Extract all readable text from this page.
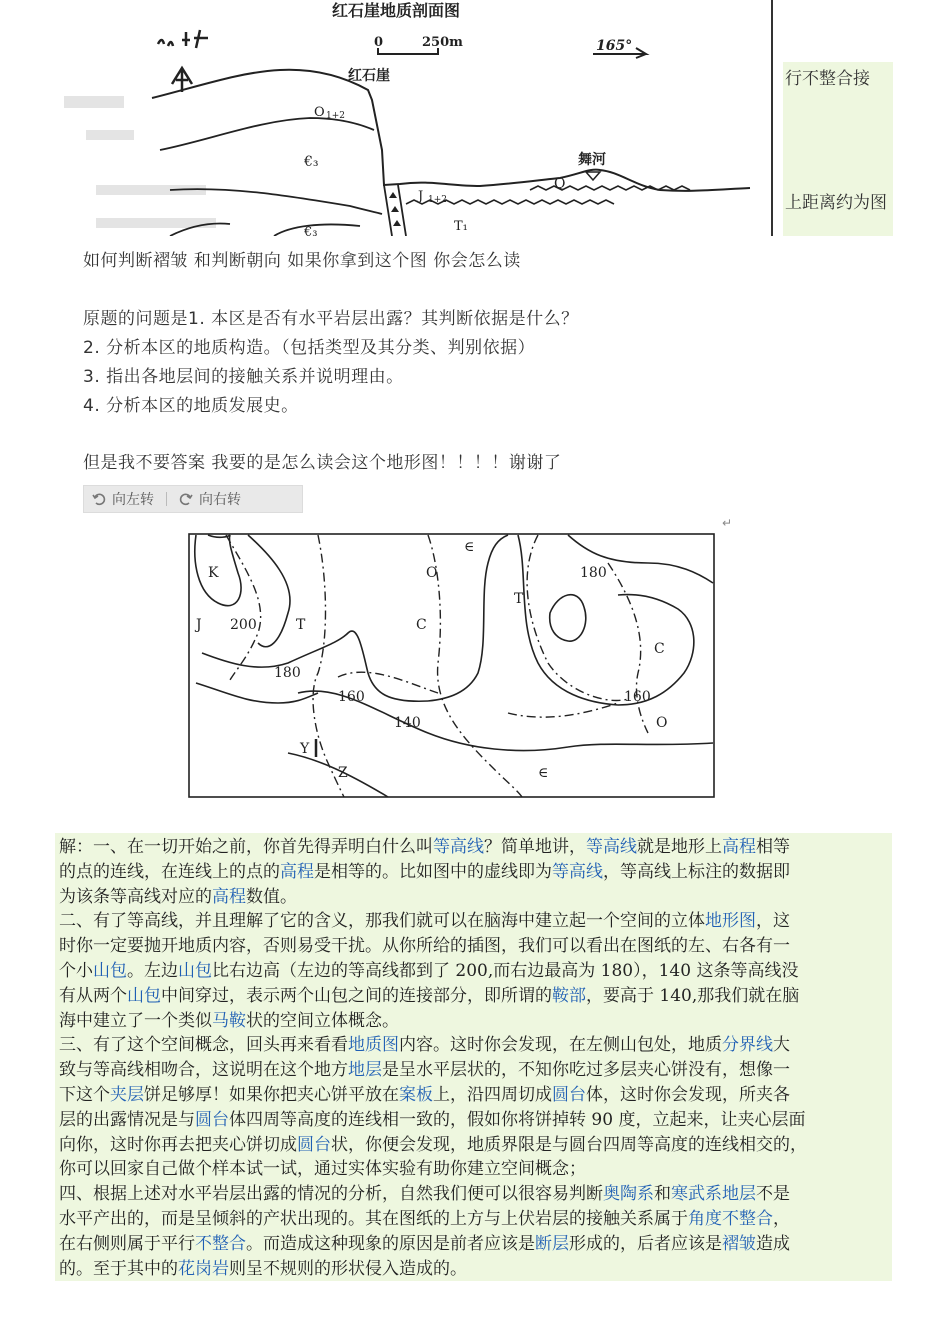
红石崖地质剖面图
0	250m	165°
红石崖
O 1+2
€₃
J 1+2
Q
舞河
T₁
€₃
行不整合接
上距离约为图
如何判断褶皱 和判断朝向 如果你拿到这个图 你会怎么读
原题的问题是1. 本区是否有水平岩层出露？其判断依据是什么？
2. 分析本区的地质构造。（包括类型及其分类、判别依据）
3. 指出各地层间的接触关系并说明理由。
4. 分析本区的地质发展史。
但是我不要答案 我要的是怎么读会这个地形图！！！！谢谢了
向左转	向右转
↵
K
J 200	T
180
160
140
Y
Z
∈
O
C
T
180
C
160
O
∈
解：一、在一切开始之前，你首先得弄明白什么叫等高线？简单地讲，等高线就是地形上高程相等
的点的连线，在连线上的点的高程是相等的。比如图中的虚线即为等高线，等高线上标注的数据即
为该条等高线对应的高程数值。
二、有了等高线，并且理解了它的含义，那我们就可以在脑海中建立起一个空间的立体地形图，这
时你一定要抛开地质内容，否则易受干扰。从你所给的插图，我们可以看出在图纸的左、右各有一
个小山包。左边山包比右边高（左边的等高线都到了 200,而右边最高为 180），140 这条等高线没
有从两个山包中间穿过，表示两个山包之间的连接部分，即所谓的鞍部，要高于 140,那我们就在脑
海中建立了一个类似马鞍状的空间立体概念。
三、有了这个空间概念，回头再来看看地质图内容。这时你会发现，在左侧山包处，地质分界线大
致与等高线相吻合，这说明在这个地方地层是呈水平层状的，不知你吃过多层夹心饼没有，想像一
下这个夹层饼足够厚！如果你把夹心饼平放在案板上，沿四周切成圆台体，这时你会发现，所夹各
层的出露情况是与圆台体四周等高度的连线相一致的，假如你将饼掉转 90 度，立起来，让夹心层面
向你，这时你再去把夹心饼切成圆台状，你便会发现，地质界限是与圆台四周等高度的连线相交的，
你可以回家自己做个样本试一试，通过实体实验有助你建立空间概念；
四、根据上述对水平岩层出露的情况的分析，自然我们便可以很容易判断奥陶系和寒武系地层不是
水平产出的，而是呈倾斜的产状出现的。其在图纸的上方与上伏岩层的接触关系属于角度不整合，
在右侧则属于平行不整合。而造成这种现象的原因是前者应该是断层形成的，后者应该是褶皱造成
的。至于其中的花岗岩则呈不规则的形状侵入造成的。
